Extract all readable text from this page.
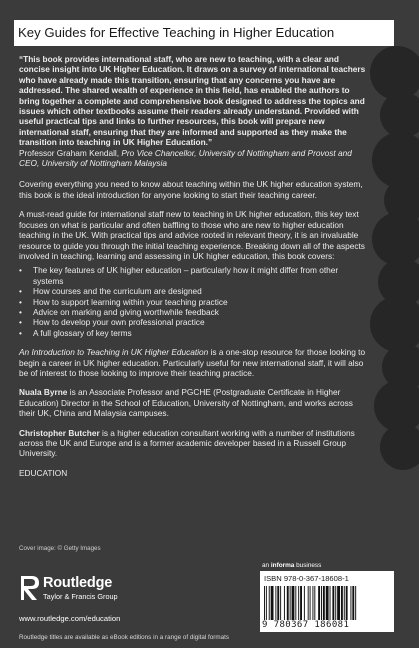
Key Guides for Effective Teaching in Higher Education

“This book provides international staff, who are new to teaching, with a clear and concise insight into UK Higher Education. It draws on a survey of international teachers who have already made this transition, ensuring that any concerns you have are addressed. The shared wealth of experience in this field, has enabled the authors to bring together a complete and comprehensive book designed to address the topics and issues which other textbooks assume their readers already understand. Provided with useful practical tips and links to further resources, this book will prepare new international staff, ensuring that they are informed and supported as they make the transition into teaching in UK Higher Education.”

Professor Graham Kendall, Pro Vice Chancellor, University of Nottingham and Provost and CEO, University of Nottingham Malaysia

Covering everything you need to know about teaching within the UK higher education system, this book is the ideal introduction for anyone looking to start their teaching career.

A must-read guide for international staff new to teaching in UK higher education, this key text focuses on what is particular and often baffling to those who are new to higher education teaching in the UK. With practical tips and advice rooted in relevant theory, it is an invaluable resource to guide you through the initial teaching experience. Breaking down all of the aspects involved in teaching, learning and assessing in UK higher education, this book covers:

• The key features of UK higher education – particularly how it might differ from other systems
• How courses and the curriculum are designed
• How to support learning within your teaching practice
• Advice on marking and giving worthwhile feedback
• How to develop your own professional practice
• A full glossary of key terms

An Introduction to Teaching in UK Higher Education is a one-stop resource for those looking to begin a career in UK higher education. Particularly useful for new international staff, it will also be of interest to those looking to improve their teaching practice.

Nuala Byrne is an Associate Professor and PGCHE (Postgraduate Certificate in Higher Education) Director in the School of Education, University of Nottingham, and works across their UK, China and Malaysia campuses.

Christopher Butcher is a higher education consultant working with a number of institutions across the UK and Europe and is a former academic developer based in a Russell Group University.

EDUCATION

Cover image: © Getty Images
Routledge
Taylor & Francis Group
www.routledge.com/education
Routledge titles are available as eBook editions in a range of digital formats
an informa business
ISBN 978-0-367-18608-1
9 780367 186081
